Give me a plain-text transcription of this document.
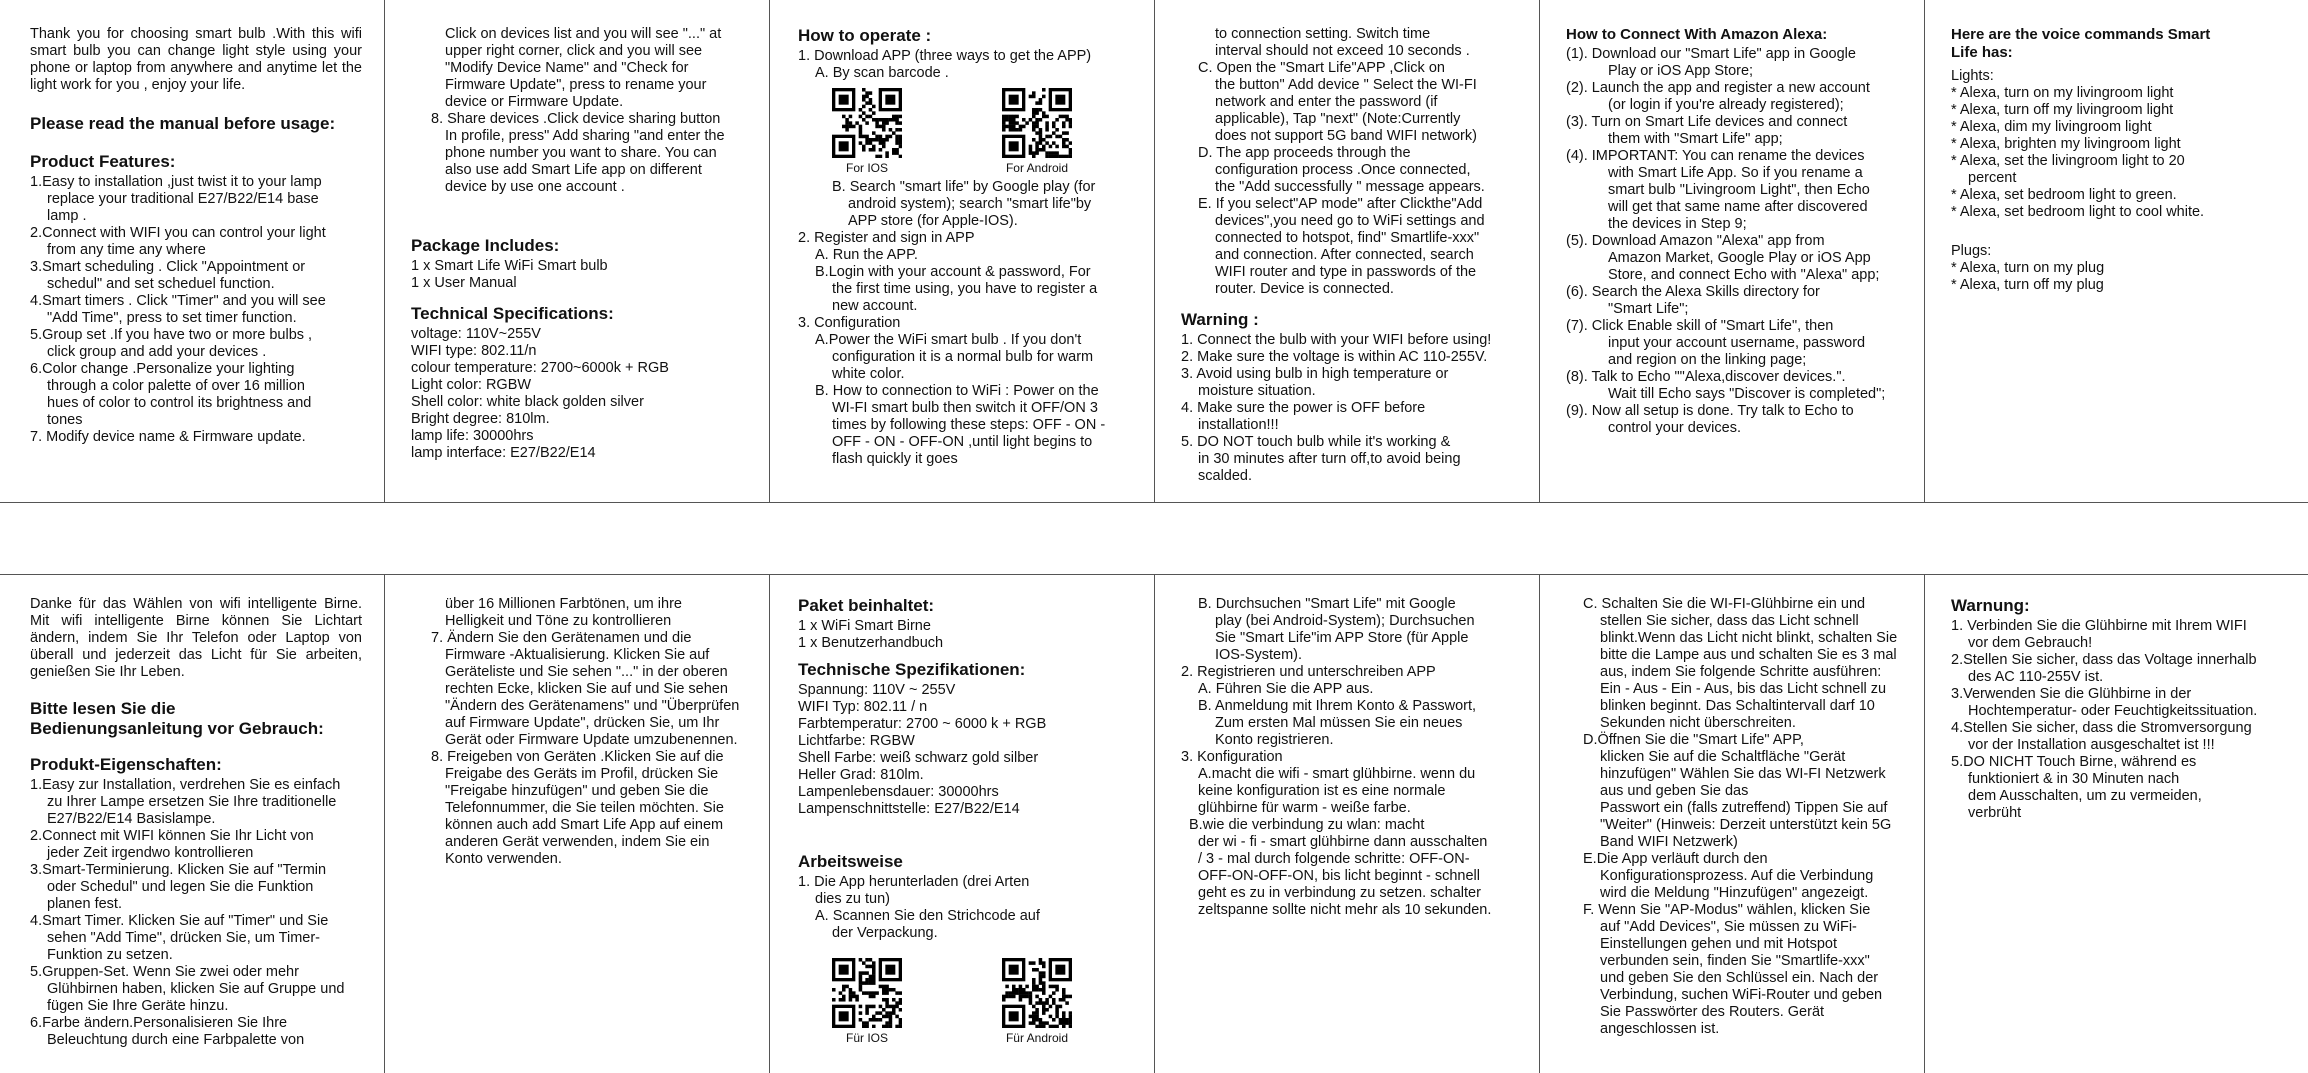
Thank you for choosing smart bulb .With this wifi smart bulb you can change light style using your phone or laptop from anywhere and anytime let the light work for you , enjoy your life.

Please read the manual before usage:
Product Features:

1.Easy to installation ,just twist it to your lamp

replace your traditional E27/B22/E14 base

lamp .

2.Connect with WIFI you can control your light

from any time any where

3.Smart scheduling . Click "Appointment or

schedul" and set scheduel function.

4.Smart timers . Click "Timer" and you will see

"Add Time", press to set timer function.

5.Group set .If you have two or more bulbs ,

click group and add your devices .

6.Color change .Personalize your lighting

through a color palette of over 16 million

hues of color to control its brightness and

tones

7. Modify device name & Firmware update.

Click on devices list and you will see "..." at

upper right corner, click and you will see

"Modify Device Name" and "Check for

Firmware Update", press to rename your

device or Firmware Update.

8. Share devices .Click device sharing button

In profile, press" Add sharing "and enter the

phone number you want to share. You can

also use add Smart Life app on different

device by use one account .

Package Includes:

1 x Smart Life WiFi Smart bulb

1 x User Manual

Technical Specifications:

voltage: 110V~255V

WIFI type: 802.11/n

colour temperature: 2700~6000k + RGB

Light color: RGBW

Shell color: white black golden silver

Bright degree: 810lm.

lamp life: 30000hrs

lamp interface: E27/B22/E14

How to operate :

1. Download APP (three ways to get the APP)

A. By scan barcode .

For IOS	For Android

B. Search "smart life" by Google play (for

android system); search "smart life"by

APP store (for Apple-IOS).

2. Register and sign in APP

A. Run the APP.

B.Login with your account & password, For

the first time using, you have to register a

new account.

3. Configuration

A.Power the WiFi smart bulb . If you don't

configuration it is a normal bulb for warm

white color.

B. How to connection to WiFi : Power on the

WI-FI smart bulb then switch it OFF/ON 3

times by following these steps: OFF - ON -

OFF - ON - OFF-ON ,until light begins to

flash quickly it goes

to connection setting. Switch time

interval should not exceed 10 seconds .

C. Open the "Smart Life"APP ,Click on

the button" Add device " Select the WI-FI

network and enter the password (if

applicable), Tap "next" (Note:Currently

does not support 5G band WIFI network)

D. The app proceeds through the

configuration process .Once connected,

the "Add successfully " message appears.

E. If you select"AP mode" after Clickthe"Add

devices",you need go to WiFi settings and

connected to hotspot, find" Smartlife-xxx"

and connection. After connected, search

WIFI router and type in passwords of the

router. Device is connected.

Warning :

1. Connect the bulb with your WIFI before using!

2. Make sure the voltage is within AC 110-255V.

3. Avoid using bulb in high temperature or

moisture situation.

4. Make sure the power is OFF before

installation!!!

5. DO NOT touch bulb while it's working &

in 30 minutes after turn off,to avoid being

scalded.

How to Connect With Amazon Alexa:

(1). Download our "Smart Life" app in Google

Play or iOS App Store;

(2). Launch the app and register a new account

(or login if you're already registered);

(3). Turn on Smart Life devices and connect

them with "Smart Life" app;

(4). IMPORTANT: You can rename the devices

with Smart Life App. So if you rename a

smart bulb "Livingroom Light", then Echo

will get that same name after discovered

the devices in Step 9;

(5). Download Amazon "Alexa" app from

Amazon Market, Google Play or iOS App

Store, and connect Echo with "Alexa" app;

(6). Search the Alexa Skills directory for

"Smart Life";

(7). Click Enable skill of "Smart Life", then

input your account username, password

and region on the linking page;

(8). Talk to Echo ""Alexa,discover devices.".

Wait till Echo says "Discover is completed";

(9). Now all setup is done. Try talk to Echo to

control your devices.

Here are the voice commands Smart
Life has:

Lights:

* Alexa, turn on my livingroom light

* Alexa, turn off my livingroom light

* Alexa, dim my livingroom light

* Alexa, brighten my livingroom light

* Alexa, set the livingroom light to 20

percent

* Alexa, set bedroom light to green.

* Alexa, set bedroom light to cool white.

Plugs:

* Alexa, turn on my plug

* Alexa, turn off my plug

Danke für das Wählen von wifi intelligente Birne. Mit wifi intelligente Birne können Sie Lichtart ändern, indem Sie Ihr Telefon oder Laptop von überall und jederzeit das Licht für Sie arbeiten, genießen Sie Ihr Leben.

Bitte lesen Sie die
Bedienungsanleitung vor Gebrauch:
Produkt-Eigenschaften:

1.Easy zur Installation, verdrehen Sie es einfach

zu Ihrer Lampe ersetzen Sie Ihre traditionelle

E27/B22/E14 Basislampe.

2.Connect mit WIFI können Sie Ihr Licht von

jeder Zeit irgendwo kontrollieren

3.Smart-Terminierung. Klicken Sie auf "Termin

oder Schedul" und legen Sie die Funktion

planen fest.

4.Smart Timer. Klicken Sie auf "Timer" und Sie

sehen "Add Time", drücken Sie, um Timer-

Funktion zu setzen.

5.Gruppen-Set. Wenn Sie zwei oder mehr

Glühbirnen haben, klicken Sie auf Gruppe und

fügen Sie Ihre Geräte hinzu.

6.Farbe ändern.Personalisieren Sie Ihre

Beleuchtung durch eine Farbpalette von

über 16 Millionen Farbtönen, um ihre

Helligkeit und Töne zu kontrollieren

7. Ändern Sie den Gerätenamen und die

Firmware -Aktualisierung. Klicken Sie auf

Geräteliste und Sie sehen "..." in der oberen

rechten Ecke, klicken Sie auf und Sie sehen

"Ändern des Gerätenamens" und "Überprüfen

auf Firmware Update", drücken Sie, um Ihr

Gerät oder Firmware Update umzubenennen.

8. Freigeben von Geräten .Klicken Sie auf die

Freigabe des Geräts im Profil, drücken Sie

"Freigabe hinzufügen" und geben Sie die

Telefonnummer, die Sie teilen möchten. Sie

können auch add Smart Life App auf einem

anderen Gerät verwenden, indem Sie ein

Konto verwenden.

Paket beinhaltet:

1 x WiFi Smart Birne

1 x Benutzerhandbuch

Technische Spezifikationen:

Spannung: 110V ~ 255V

WIFI Typ: 802.11 / n

Farbtemperatur: 2700 ~ 6000 k + RGB

Lichtfarbe: RGBW

Shell Farbe: weiß schwarz gold silber

Heller Grad: 810lm.

Lampenlebensdauer: 30000hrs

Lampenschnittstelle: E27/B22/E14

Arbeitsweise

1. Die App herunterladen (drei Arten

dies zu tun)

A. Scannen Sie den Strichcode auf

der Verpackung.

Für IOS	Für Android

B. Durchsuchen "Smart Life" mit Google

play (bei Android-System); Durchsuchen

Sie "Smart Life"im APP Store (für Apple

IOS-System).

2. Registrieren und unterschreiben APP

A. Führen Sie die APP aus.

B. Anmeldung mit Ihrem Konto & Passwort,

Zum ersten Mal müssen Sie ein neues

Konto registrieren.

3. Konfiguration

A.macht die wifi - smart glühbirne. wenn du

keine konfiguration ist es eine normale

glühbirne für warm - weiße farbe.

B.wie die verbindung zu wlan: macht

der wi - fi - smart glühbirne dann ausschalten

/ 3 - mal durch folgende schritte: OFF-ON-

OFF-ON-OFF-ON, bis licht beginnt - schnell

geht es zu in verbindung zu setzen. schalter

zeltspanne sollte nicht mehr als 10 sekunden.

C. Schalten Sie die WI-FI-Glühbirne ein und

stellen Sie sicher, dass das Licht schnell

blinkt.Wenn das Licht nicht blinkt, schalten Sie

bitte die Lampe aus und schalten Sie es 3 mal

aus, indem Sie folgende Schritte ausführen:

Ein - Aus - Ein - Aus, bis das Licht schnell zu

blinken beginnt. Das Schaltintervall darf 10

Sekunden nicht überschreiten.

D.Öffnen Sie die "Smart Life" APP,

klicken Sie auf die Schaltfläche "Gerät

hinzufügen" Wählen Sie das WI-FI Netzwerk

aus und geben Sie das

Passwort ein (falls zutreffend) Tippen Sie auf

"Weiter" (Hinweis: Derzeit unterstützt kein 5G

Band WIFI Netzwerk)

E.Die App verläuft durch den

Konfigurationsprozess. Auf die Verbindung

wird die Meldung "Hinzufügen" angezeigt.

F. Wenn Sie "AP-Modus" wählen, klicken Sie

auf "Add Devices", Sie müssen zu WiFi-

Einstellungen gehen und mit Hotspot

verbunden sein, finden Sie "Smartlife-xxx"

und geben Sie den Schlüssel ein. Nach der

Verbindung, suchen WiFi-Router und geben

Sie Passwörter des Routers. Gerät

angeschlossen ist.

Warnung:

1. Verbinden Sie die Glühbirne mit Ihrem WIFI

vor dem Gebrauch!

2.Stellen Sie sicher, dass das Voltage innerhalb

des AC 110-255V ist.

3.Verwenden Sie die Glühbirne in der

Hochtemperatur- oder Feuchtigkeitssituation.

4.Stellen Sie sicher, dass die Stromversorgung

vor der Installation ausgeschaltet ist !!!

5.DO NICHT Touch Birne, während es

funktioniert & in 30 Minuten nach

dem Ausschalten, um zu vermeiden,

verbrüht
